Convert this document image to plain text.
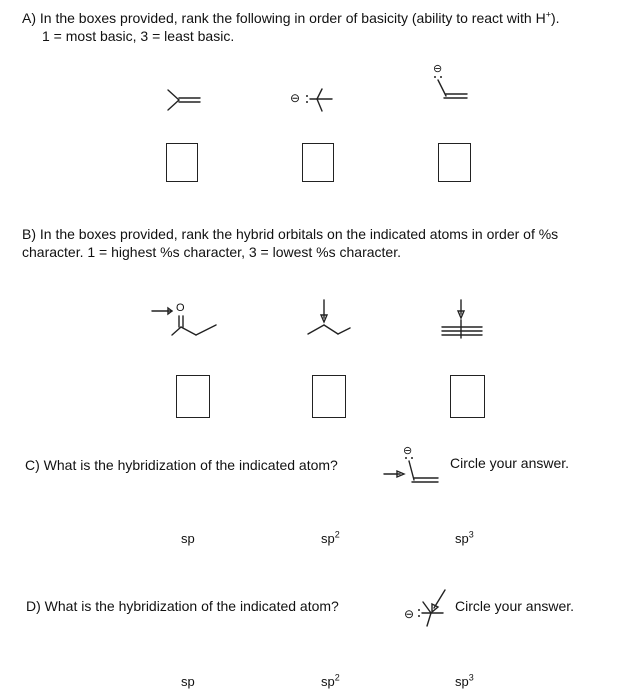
A) In the boxes provided, rank the following in order of basicity (ability to react with H+).
1 = most basic, 3 = least basic.
⊖
⊖
B) In the boxes provided, rank the hybrid orbitals on the indicated atoms in order of %s
character. 1 = highest %s character, 3 = lowest %s character.
O
C) What is the hybridization of the indicated atom?
⊖
Circle your answer.
sp	$sp^2$	$sp^3$
D) What is the hybridization of the indicated atom?	⊖	Circle your answer.
sp	$sp^2$	$sp^3$
